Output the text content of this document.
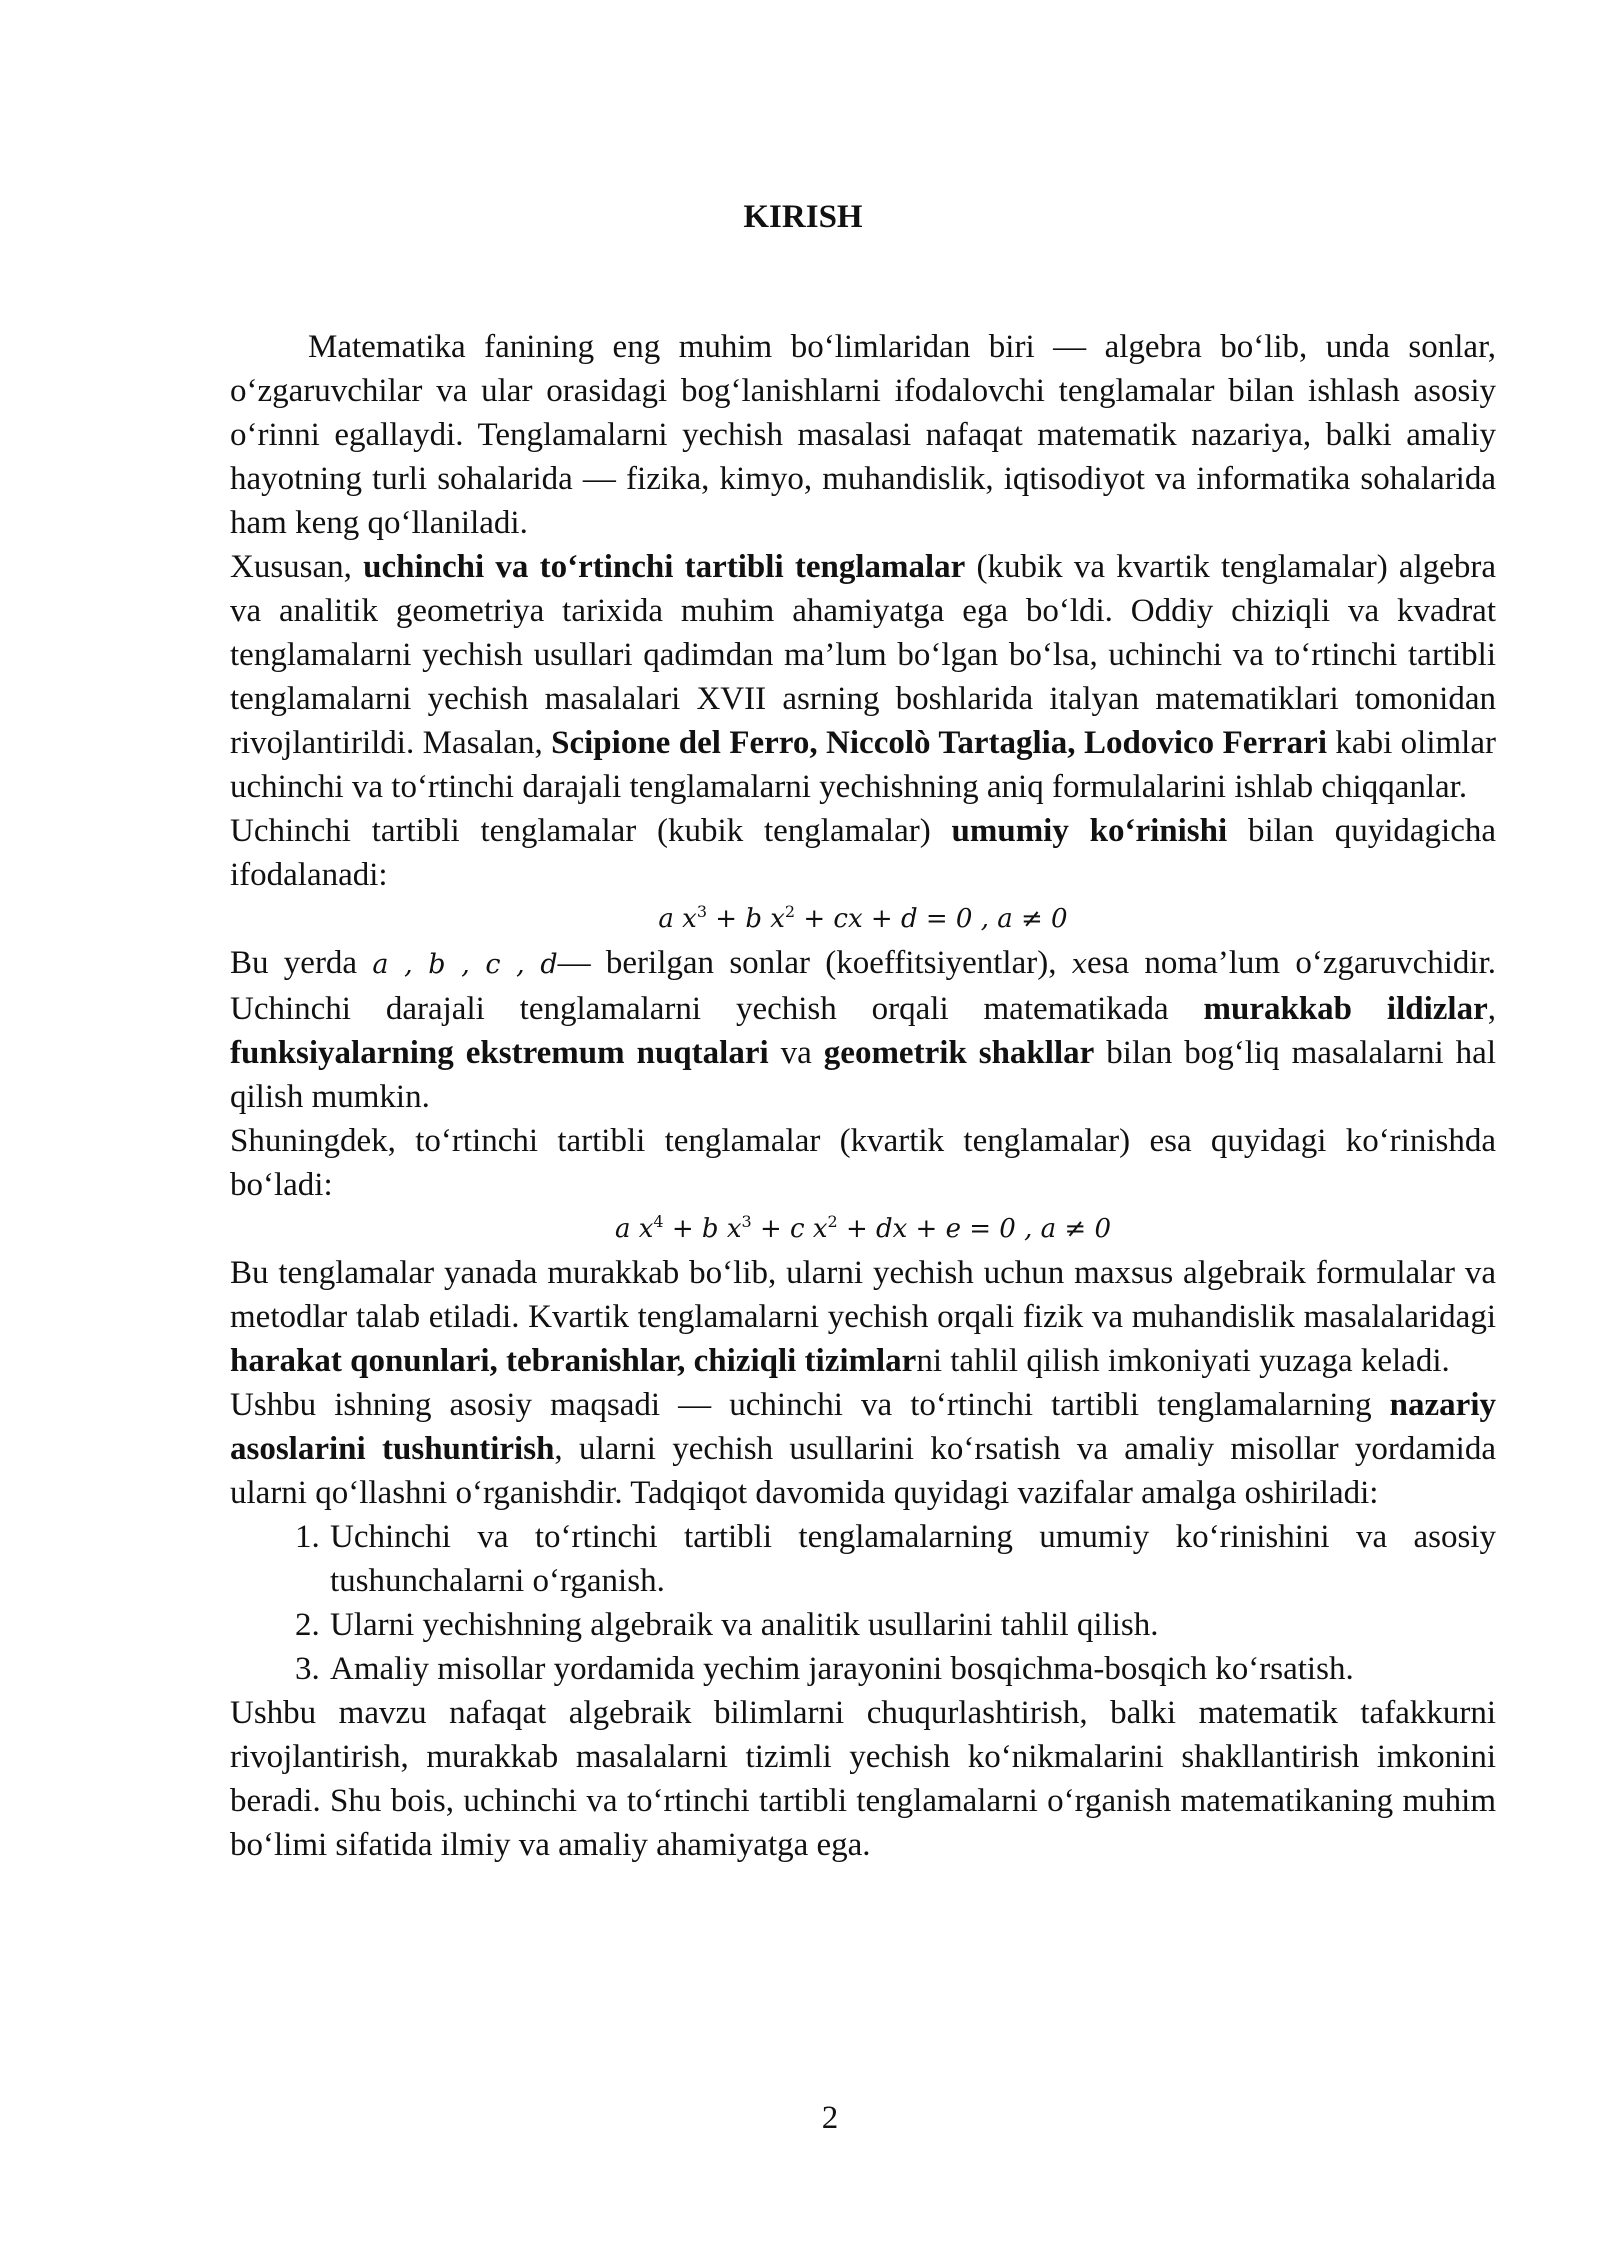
KIRISH

Matematika fanining eng muhim bo‘limlaridan biri — algebra bo‘lib, unda sonlar, o‘zgaruvchilar va ular orasidagi bog‘lanishlarni ifodalovchi tenglamalar bilan ishlash asosiy o‘rinni egallaydi. Tenglamalarni yechish masalasi nafaqat matematik nazariya, balki amaliy hayotning turli sohalarida — fizika, kimyo, muhandislik, iqtisodiyot va informatika sohalarida ham keng qo‘llaniladi.

Xususan, uchinchi va to‘rtinchi tartibli tenglamalar (kubik va kvartik tenglamalar) algebra va analitik geometriya tarixida muhim ahamiyatga ega bo‘ldi. Oddiy chiziqli va kvadrat tenglamalarni yechish usullari qadimdan ma’lum bo‘lgan bo‘lsa, uchinchi va to‘rtinchi tartibli tenglamalarni yechish masalalari XVII asrning boshlarida italyan matematiklari tomonidan rivojlantirildi. Masalan, Scipione del Ferro, Niccolò Tartaglia, Lodovico Ferrari kabi olimlar uchinchi va to‘rtinchi darajali tenglamalarni yechishning aniq formulalarini ishlab chiqqanlar.

Uchinchi tartibli tenglamalar (kubik tenglamalar) umumiy ko‘rinishi bilan quyidagicha ifodalanadi:

a $x^3 + b$ $x^2$ + cx + d = 0 , a ≠ 0

Bu yerda a , b , c , d— berilgan sonlar (koeffitsiyentlar), xesa noma’lum o‘zgaruvchidir. Uchinchi darajali tenglamalarni yechish orqali matematikada murakkab ildizlar, funksiyalarning ekstremum nuqtalari va geometrik shakllar bilan bog‘liq masalalarni hal qilish mumkin.

Shuningdek, to‘rtinchi tartibli tenglamalar (kvartik tenglamalar) esa quyidagi ko‘rinishda bo‘ladi:

a $x^4 + b$ $x^3 + c$ $x^2$ + dx + e = 0 , a ≠ 0

Bu tenglamalar yanada murakkab bo‘lib, ularni yechish uchun maxsus algebraik formulalar va metodlar talab etiladi. Kvartik tenglamalarni yechish orqali fizik va muhandislik masalalaridagi harakat qonunlari, tebranishlar, chiziqli tizimlarni tahlil qilish imkoniyati yuzaga keladi.

Ushbu ishning asosiy maqsadi — uchinchi va to‘rtinchi tartibli tenglamalarning nazariy asoslarini tushuntirish, ularni yechish usullarini ko‘rsatish va amaliy misollar yordamida ularni qo‘llashni o‘rganishdir. Tadqiqot davomida quyidagi vazifalar amalga oshiriladi:

1. Uchinchi va to‘rtinchi tartibli tenglamalarning umumiy ko‘rinishini va asosiy tushunchalarni o‘rganish.
2. Ularni yechishning algebraik va analitik usullarini tahlil qilish.
3. Amaliy misollar yordamida yechim jarayonini bosqichma-bosqich ko‘rsatish.

Ushbu mavzu nafaqat algebraik bilimlarni chuqurlashtirish, balki matematik tafakkurni rivojlantirish, murakkab masalalarni tizimli yechish ko‘nikmalarini shakllantirish imkonini beradi. Shu bois, uchinchi va to‘rtinchi tartibli tenglamalarni o‘rganish matematikaning muhim bo‘limi sifatida ilmiy va amaliy ahamiyatga ega.

2
